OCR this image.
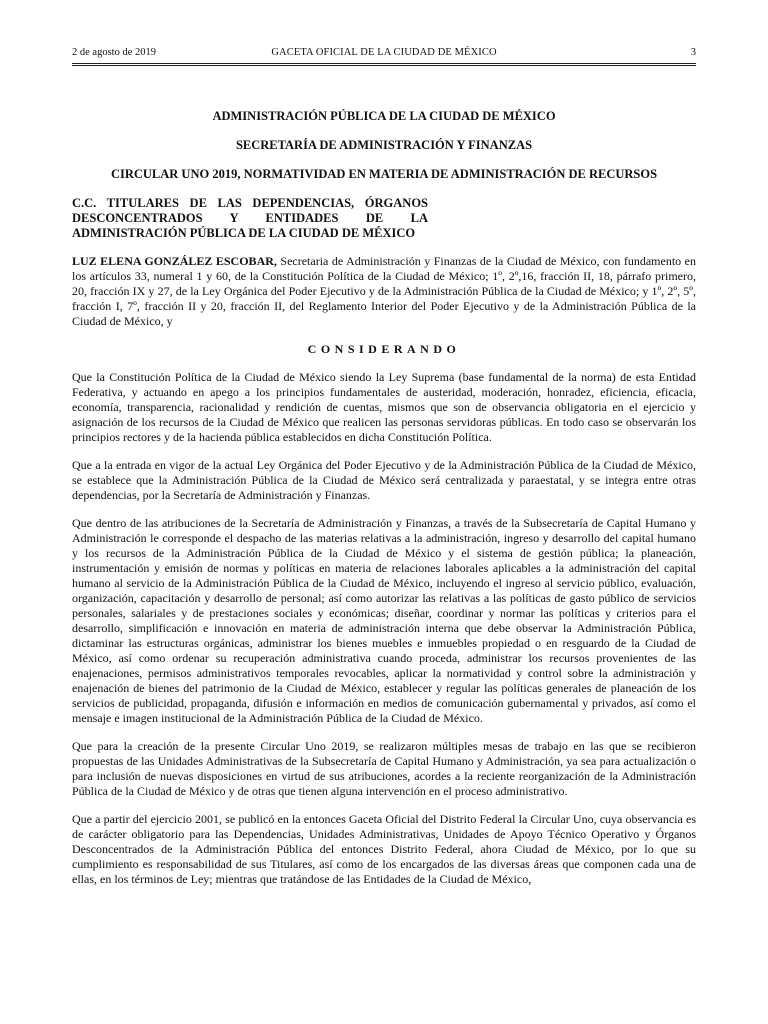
2 de agosto de 2019	GACETA OFICIAL DE LA CIUDAD DE MÉXICO	3
ADMINISTRACIÓN PÚBLICA DE LA CIUDAD DE MÉXICO
SECRETARÍA DE ADMINISTRACIÓN Y FINANZAS
CIRCULAR UNO 2019, NORMATIVIDAD EN MATERIA DE ADMINISTRACIÓN DE RECURSOS
C.C. TITULARES DE LAS DEPENDENCIAS, ÓRGANOS DESCONCENTRADOS Y ENTIDADES DE LA ADMINISTRACIÓN PÚBLICA DE LA CIUDAD DE MÉXICO

LUZ ELENA GONZÁLEZ ESCOBAR, Secretaria de Administración y Finanzas de la Ciudad de México, con fundamento en los artículos 33, numeral 1 y 60, de la Constitución Política de la Ciudad de México; 1º, 2º,16, fracción II, 18, párrafo primero, 20, fracción IX y 27, de la Ley Orgánica del Poder Ejecutivo y de la Administración Pública de la Ciudad de México; y 1º, 2º, 5º, fracción I, 7º, fracción II y 20, fracción II, del Reglamento Interior del Poder Ejecutivo y de la Administración Pública de la Ciudad de México, y

CONSIDERANDO

Que la Constitución Política de la Ciudad de México siendo la Ley Suprema (base fundamental de la norma) de esta Entidad Federativa, y actuando en apego a los principios fundamentales de austeridad, moderación, honradez, eficiencia, eficacia, economía, transparencia, racionalidad y rendición de cuentas, mismos que son de observancia obligatoria en el ejercicio y asignación de los recursos de la Ciudad de México que realicen las personas servidoras públicas. En todo caso se observarán los principios rectores y de la hacienda pública establecidos en dicha Constitución Política.

Que a la entrada en vigor de la actual Ley Orgánica del Poder Ejecutivo y de la Administración Pública de la Ciudad de México, se establece que la Administración Pública de la Ciudad de México será centralizada y paraestatal, y se integra entre otras dependencias, por la Secretaría de Administración y Finanzas.

Que dentro de las atribuciones de la Secretaría de Administración y Finanzas, a través de la Subsecretaría de Capital Humano y Administración le corresponde el despacho de las materias relativas a la administración, ingreso y desarrollo del capital humano y los recursos de la Administración Pública de la Ciudad de México y el sistema de gestión pública; la planeación, instrumentación y emisión de normas y políticas en materia de relaciones laborales aplicables a la administración del capital humano al servicio de la Administración Pública de la Ciudad de México, incluyendo el ingreso al servicio público, evaluación, organización, capacitación y desarrollo de personal; así como autorizar las relativas a las políticas de gasto público de servicios personales, salariales y de prestaciones sociales y económicas; diseñar, coordinar y normar las políticas y criterios para el desarrollo, simplificación e innovación en materia de administración interna que debe observar la Administración Pública, dictaminar las estructuras orgánicas, administrar los bienes muebles e inmuebles propiedad o en resguardo de la Ciudad de México, así como ordenar su recuperación administrativa cuando proceda, administrar los recursos provenientes de las enajenaciones, permisos administrativos temporales revocables, aplicar la normatividad y control sobre la administración y enajenación de bienes del patrimonio de la Ciudad de México, establecer y regular las políticas generales de planeación de los servicios de publicidad, propaganda, difusión e información en medios de comunicación gubernamental y privados, así como el mensaje e imagen institucional de la Administración Pública de la Ciudad de México.

Que para la creación de la presente Circular Uno 2019, se realizaron múltiples mesas de trabajo en las que se recibieron propuestas de las Unidades Administrativas de la Subsecretaría de Capital Humano y Administración, ya sea para actualización o para inclusión de nuevas disposiciones en virtud de sus atribuciones, acordes a la reciente reorganización de la Administración Pública de la Ciudad de México y de otras que tienen alguna intervención en el proceso administrativo.

Que a partir del ejercicio 2001, se publicó en la entonces Gaceta Oficial del Distrito Federal la Circular Uno, cuya observancia es de carácter obligatorio para las Dependencias, Unidades Administrativas, Unidades de Apoyo Técnico Operativo y Órganos Desconcentrados de la Administración Pública del entonces Distrito Federal, ahora Ciudad de México, por lo que su cumplimiento es responsabilidad de sus Titulares, así como de los encargados de las diversas áreas que componen cada una de ellas, en los términos de Ley; mientras que tratándose de las Entidades de la Ciudad de México,
